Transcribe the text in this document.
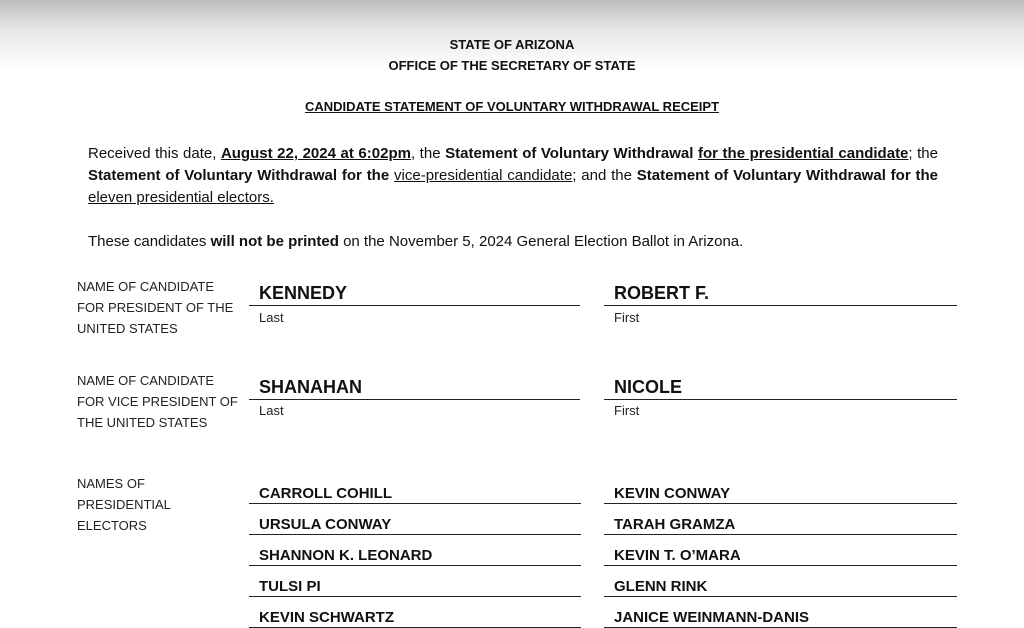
STATE OF ARIZONA
OFFICE OF THE SECRETARY OF STATE
CANDIDATE STATEMENT OF VOLUNTARY WITHDRAWAL RECEIPT
Received this date, August 22, 2024 at 6:02pm, the Statement of Voluntary Withdrawal for the presidential candidate; the Statement of Voluntary Withdrawal for the vice-presidential candidate; and the Statement of Voluntary Withdrawal for the eleven presidential electors.
These candidates will not be printed on the November 5, 2024 General Election Ballot in Arizona.
NAME OF CANDIDATE
FOR PRESIDENT OF THE
UNITED STATES
KENNEDY
Last
ROBERT F.
First
NAME OF CANDIDATE
FOR VICE PRESIDENT OF
THE UNITED STATES
SHANAHAN
Last
NICOLE
First
NAMES OF
PRESIDENTIAL
ELECTORS
CARROLL COHILL
URSULA CONWAY
SHANNON K. LEONARD
TULSI PI
KEVIN SCHWARTZ
KEVIN CONWAY
TARAH GRAMZA
KEVIN T. O’MARA
GLENN RINK
JANICE WEINMANN-DANIS
